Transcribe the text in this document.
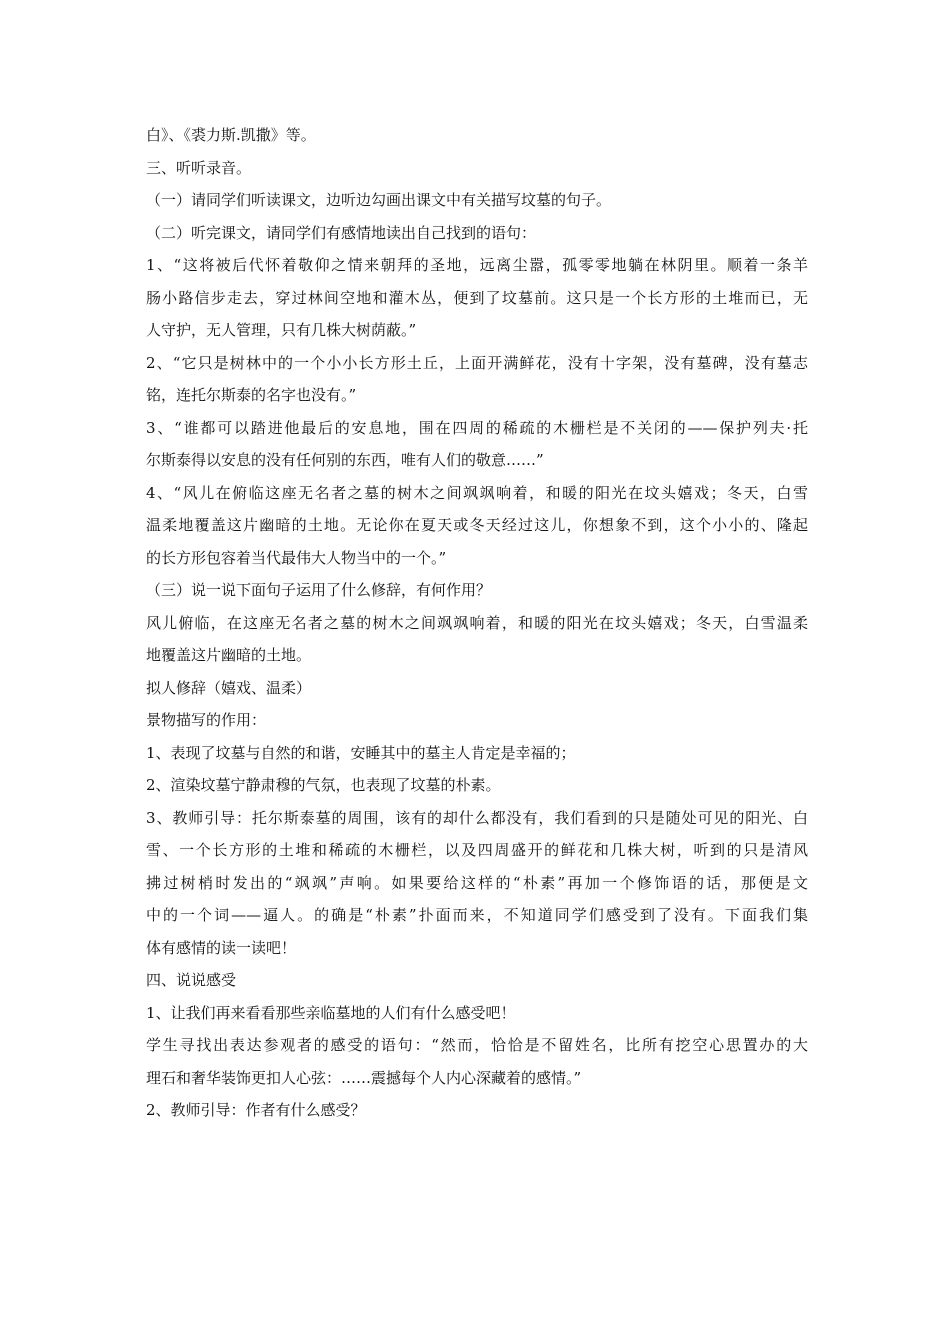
白》、《裘力斯.凯撒》等。
三、听听录音。
（一）请同学们听读课文，边听边勾画出课文中有关描写坟墓的句子。
（二）听完课文，请同学们有感情地读出自己找到的语句：
1、“这将被后代怀着敬仰之情来朝拜的圣地，远离尘嚣，孤零零地躺在林阴里。顺着一条羊
肠小路信步走去，穿过林间空地和灌木丛，便到了坟墓前。这只是一个长方形的土堆而已，无
人守护，无人管理，只有几株大树荫蔽。”
2、“它只是树林中的一个小小长方形土丘，上面开满鲜花，没有十字架，没有墓碑，没有墓志
铭，连托尔斯泰的名字也没有。”
3、“谁都可以踏进他最后的安息地，围在四周的稀疏的木栅栏是不关闭的——保护列夫·托
尔斯泰得以安息的没有任何别的东西，唯有人们的敬意……”
4、“风儿在俯临这座无名者之墓的树木之间飒飒响着，和暖的阳光在坟头嬉戏；冬天，白雪
温柔地覆盖这片幽暗的土地。无论你在夏天或冬天经过这儿，你想象不到，这个小小的、隆起
的长方形包容着当代最伟大人物当中的一个。”
（三）说一说下面句子运用了什么修辞，有何作用？
风儿俯临，在这座无名者之墓的树木之间飒飒响着，和暖的阳光在坟头嬉戏；冬天，白雪温柔
地覆盖这片幽暗的土地。
拟人修辞（嬉戏、温柔）
景物描写的作用：
1、表现了坟墓与自然的和谐，安睡其中的墓主人肯定是幸福的；
2、渲染坟墓宁静肃穆的气氛，也表现了坟墓的朴素。
3、教师引导：托尔斯泰墓的周围，该有的却什么都没有，我们看到的只是随处可见的阳光、白
雪、一个长方形的土堆和稀疏的木栅栏，以及四周盛开的鲜花和几株大树，听到的只是清风
拂过树梢时发出的“飒飒”声响。如果要给这样的“朴素”再加一个修饰语的话，那便是文
中的一个词——逼人。的确是“朴素”扑面而来，不知道同学们感受到了没有。下面我们集
体有感情的读一读吧！
四、说说感受
1、让我们再来看看那些亲临墓地的人们有什么感受吧！
学生寻找出表达参观者的感受的语句：“然而，恰恰是不留姓名，比所有挖空心思置办的大
理石和奢华装饰更扣人心弦：……震撼每个人内心深藏着的感情。”
2、教师引导：作者有什么感受？
